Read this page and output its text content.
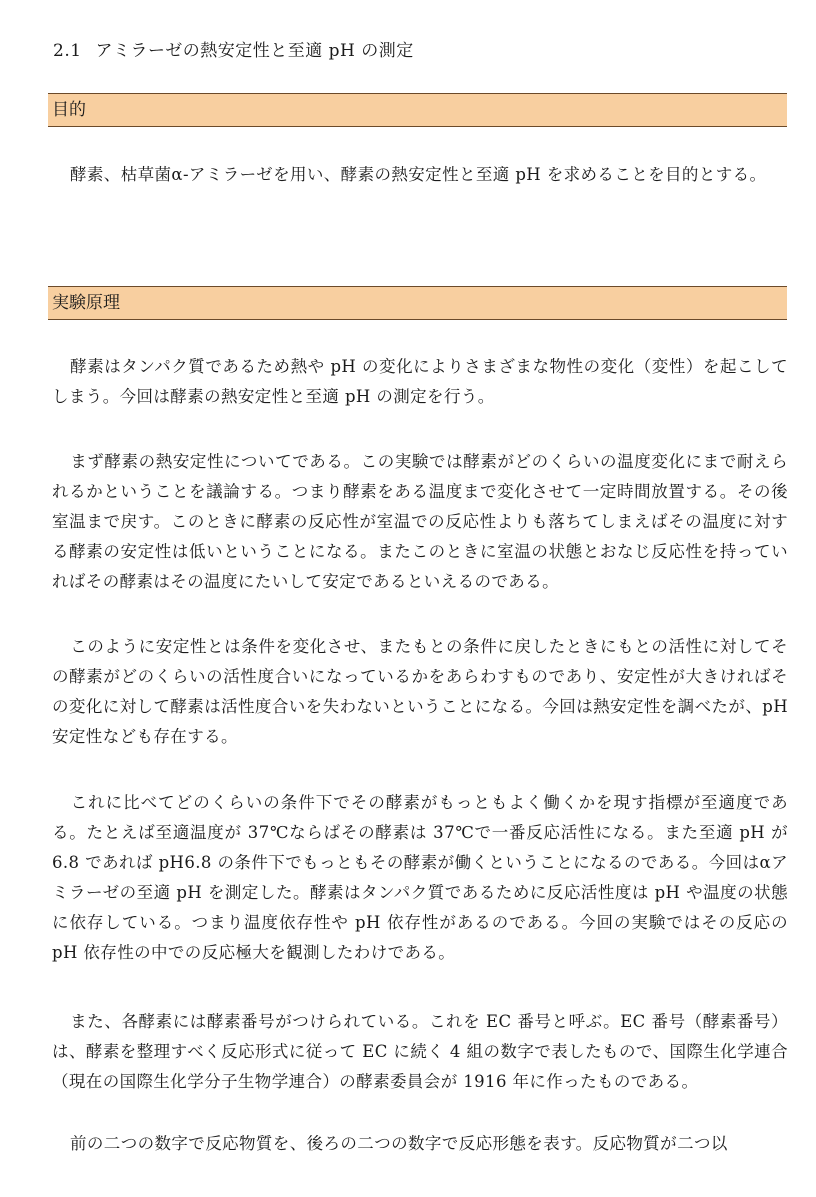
2.1 アミラーゼの熱安定性と至適 pH の測定
目的
酵素、枯草菌α-アミラーゼを用い、酵素の熱安定性と至適 pH を求めることを目的とする。
実験原理
酵素はタンパク質であるため熱や pH の変化によりさまざまな物性の変化（変性）を起こしてしまう。今回は酵素の熱安定性と至適 pH の測定を行う。
まず酵素の熱安定性についてである。この実験では酵素がどのくらいの温度変化にまで耐えられるかということを議論する。つまり酵素をある温度まで変化させて一定時間放置する。その後室温まで戻す。このときに酵素の反応性が室温での反応性よりも落ちてしまえばその温度に対する酵素の安定性は低いということになる。またこのときに室温の状態とおなじ反応性を持っていればその酵素はその温度にたいして安定であるといえるのである。
このように安定性とは条件を変化させ、またもとの条件に戻したときにもとの活性に対してその酵素がどのくらいの活性度合いになっているかをあらわすものであり、安定性が大きければその変化に対して酵素は活性度合いを失わないということになる。今回は熱安定性を調べたが、pH 安定性なども存在する。
これに比べてどのくらいの条件下でその酵素がもっともよく働くかを現す指標が至適度である。たとえば至適温度が 37℃ならばその酵素は 37℃で一番反応活性になる。また至適 pH が 6.8 であれば pH6.8 の条件下でもっともその酵素が働くということになるのである。今回はαアミラーゼの至適 pH を測定した。酵素はタンパク質であるために反応活性度は pH や温度の状態に依存している。つまり温度依存性や pH 依存性があるのである。今回の実験ではその反応の pH 依存性の中での反応極大を観測したわけである。
また、各酵素には酵素番号がつけられている。これを EC 番号と呼ぶ。EC 番号（酵素番号）は、酵素を整理すべく反応形式に従って EC に続く 4 組の数字で表したもので、国際生化学連合（現在の国際生化学分子生物学連合）の酵素委員会が 1916 年に作ったものである。
前の二つの数字で反応物質を、後ろの二つの数字で反応形態を表す。反応物質が二つ以
